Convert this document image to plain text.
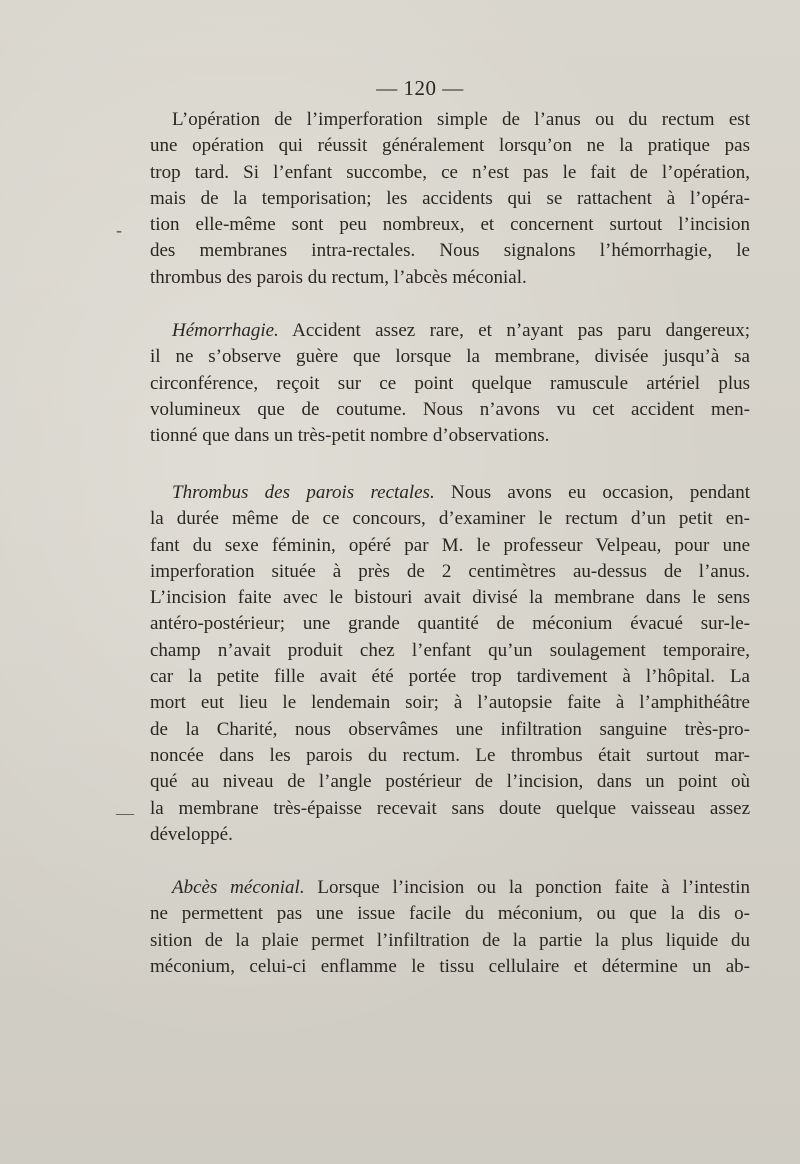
— 120 —
-
—
L’opération de l’imperforation simple de l’anus ou du rectum est
une opération qui réussit généralement lorsqu’on ne la pratique pas
trop tard. Si l’enfant succombe, ce n’est pas le fait de l’opération,
mais de la temporisation; les accidents qui se rattachent à l’opéra-
tion elle-même sont peu nombreux, et concernent surtout l’incision
des membranes intra-rectales. Nous signalons l’hémorrhagie, le
thrombus des parois du rectum, l’abcès méconial.
Hémorrhagie. Accident assez rare, et n’ayant pas paru dangereux;
il ne s’observe guère que lorsque la membrane, divisée jusqu’à sa
circonférence, reçoit sur ce point quelque ramuscule artériel plus
volumineux que de coutume. Nous n’avons vu cet accident men-
tionné que dans un très-petit nombre d’observations.
Thrombus des parois rectales. Nous avons eu occasion, pendant
la durée même de ce concours, d’examiner le rectum d’un petit en-
fant du sexe féminin, opéré par M. le professeur Velpeau, pour une
imperforation située à près de 2 centimètres au-dessus de l’anus.
L’incision faite avec le bistouri avait divisé la membrane dans le sens
antéro-postérieur; une grande quantité de méconium évacué sur-le-
champ n’avait produit chez l’enfant qu’un soulagement temporaire,
car la petite fille avait été portée trop tardivement à l’hôpital. La
mort eut lieu le lendemain soir; à l’autopsie faite à l’amphithéâtre
de la Charité, nous observâmes une infiltration sanguine très-pro-
noncée dans les parois du rectum. Le thrombus était surtout mar-
qué au niveau de l’angle postérieur de l’incision, dans un point où
la membrane très-épaisse recevait sans doute quelque vaisseau assez
développé.
Abcès méconial. Lorsque l’incision ou la ponction faite à l’intestin
ne permettent pas une issue facile du méconium, ou que la dis o-
sition de la plaie permet l’infiltration de la partie la plus liquide du
méconium, celui-ci enflamme le tissu cellulaire et détermine un ab-
